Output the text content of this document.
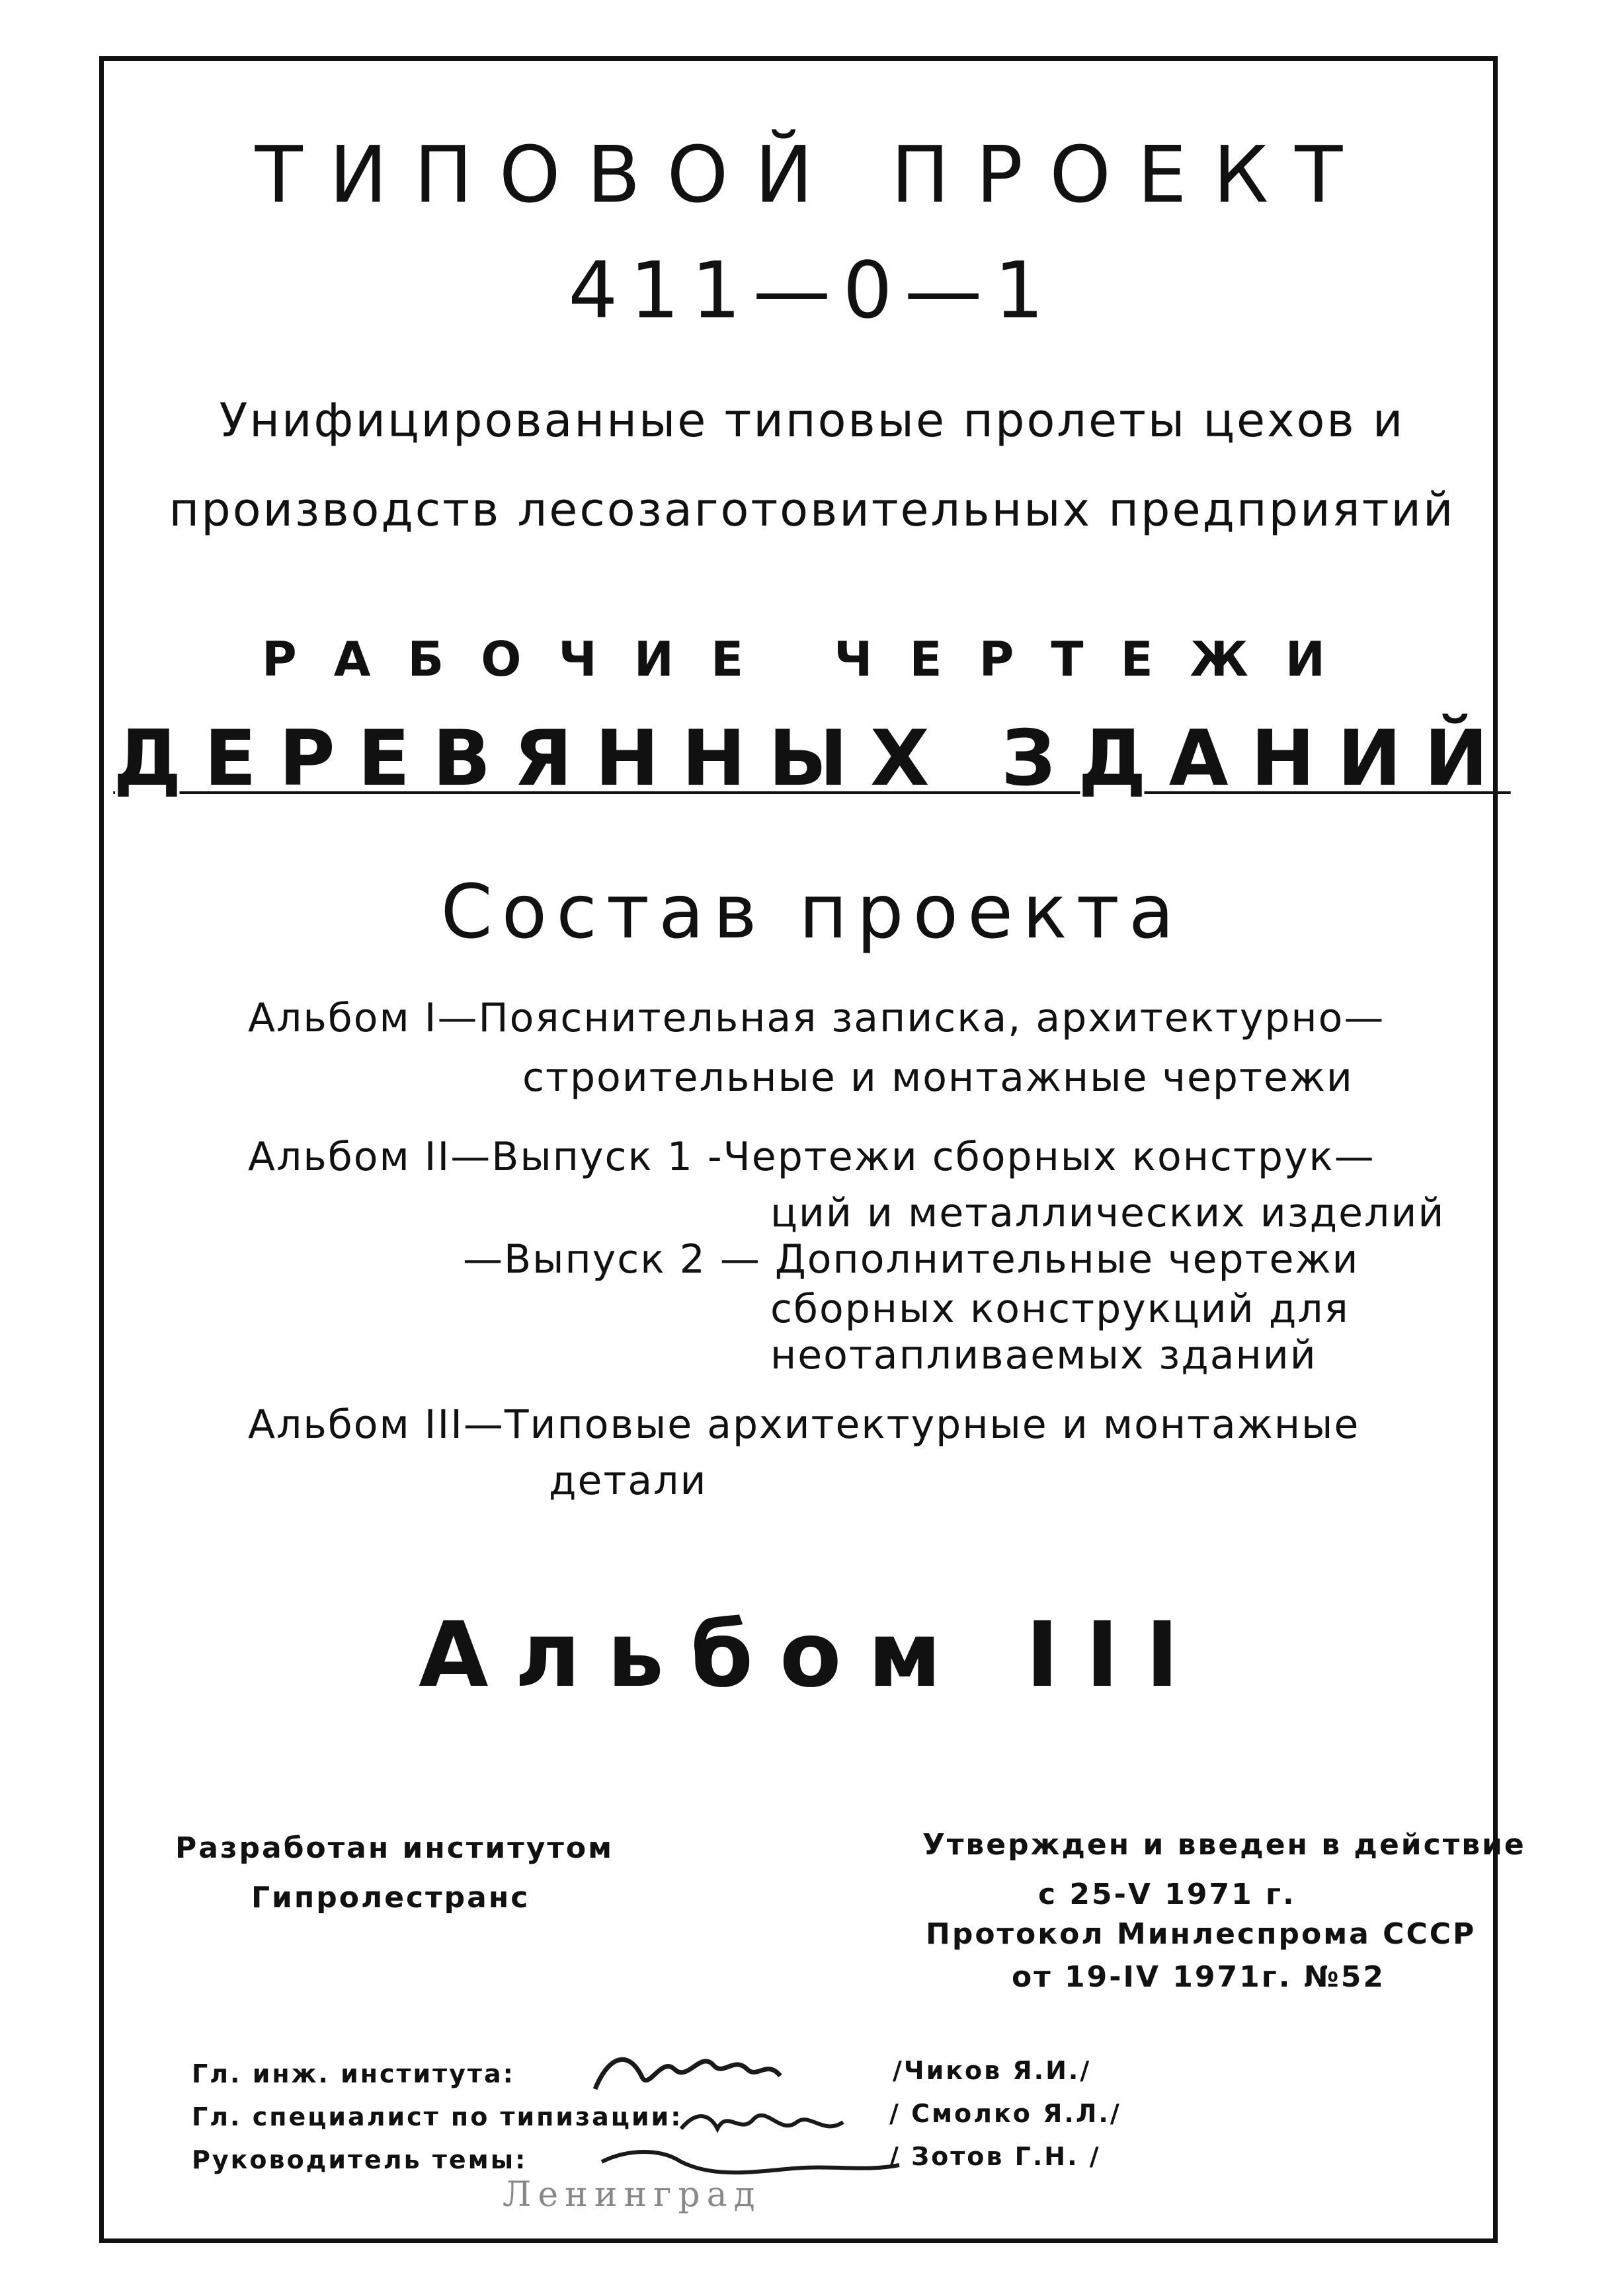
ТИПОВОЙ ПРОЕКТ
411—0—1
Унифицированные типовые пролеты цехов и
производств лесозаготовительных предприятий
РАБОЧИЕ ЧЕРТЕЖИ
ДЕРЕВЯННЫХ ЗДАНИЙ
Состав проекта
Альбом I—Пояснительная записка, архитектурно—
строительные и монтажные чертежи
Альбом II—Выпуск 1 -Чертежи сборных конструк—
ций и металлических изделий
—Выпуск 2 — Дополнительные чертежи
сборных конструкций для
неотапливаемых зданий
Альбом III—Типовые архитектурные и монтажные
детали
Альбом III
Разработан институтом
Гипролестранс
Утвержден и введен в действие
с 25-V 1971 г.
Протокол Минлеспрома СССР
от 19-IV 1971г. №52
Гл. инж. института:	/Чиков Я.И./
Гл. специалист по типизации:	/ Смолко Я.Л./
Руководитель темы:	/ Зотов Г.Н. /
Ленинград
